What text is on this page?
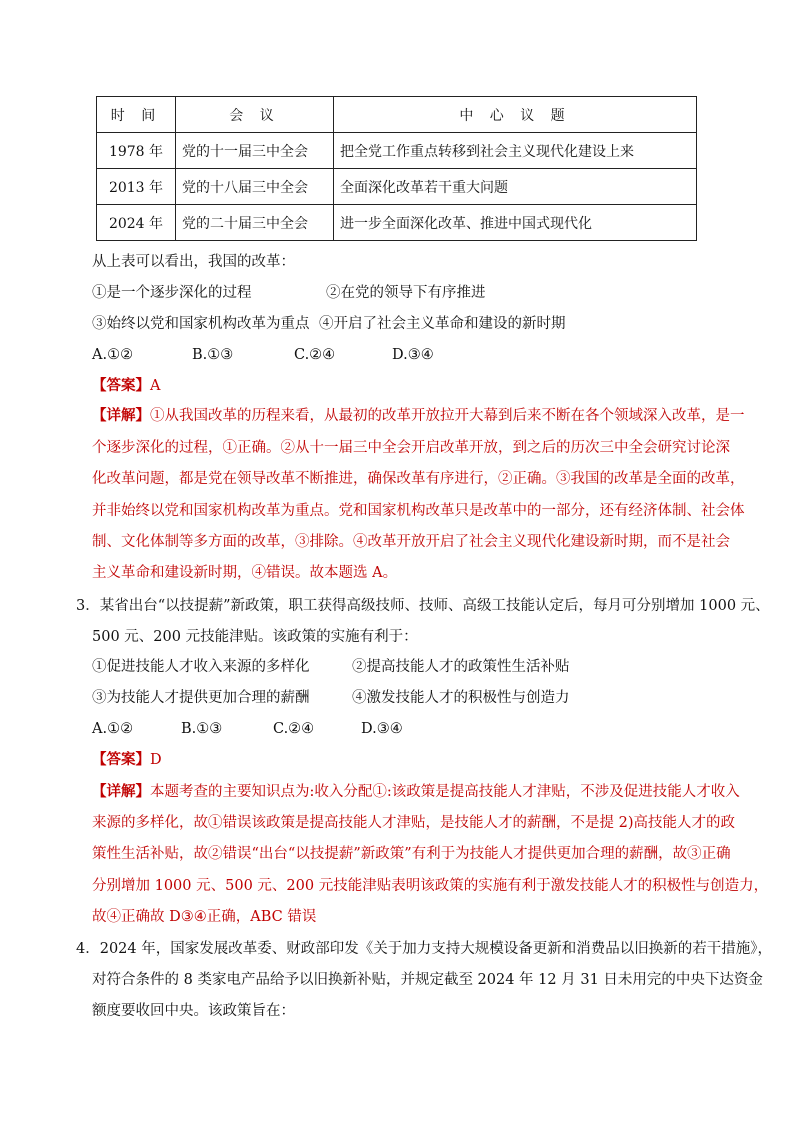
时 间	会 议	中 心 议 题
1978 年	党的十一届三中全会	把全党工作重点转移到社会主义现代化建设上来
2013 年	党的十八届三中全会	全面深化改革若干重大问题
2024 年	党的二十届三中全会	进一步全面深化改革、推进中国式现代化
从上表可以看出，我国的改革：
①是一个逐步深化的过程	②在党的领导下有序推进
③始终以党和国家机构改革为重点 ④开启了社会主义革命和建设的新时期
A.①②	B.①③	C.②④	D.③④
【答案】A
【详解】①从我国改革的历程来看，从最初的改革开放拉开大幕到后来不断在各个领域深入改革，是一
个逐步深化的过程，①正确。②从十一届三中全会开启改革开放，到之后的历次三中全会研究讨论深
化改革问题，都是党在领导改革不断推进，确保改革有序进行，②正确。③我国的改革是全面的改革，
并非始终以党和国家机构改革为重点。党和国家机构改革只是改革中的一部分，还有经济体制、社会体
制、文化体制等多方面的改革，③排除。④改革开放开启了社会主义现代化建设新时期，而不是社会
主义革命和建设新时期，④错误。故本题选 A。
3．某省出台“以技提薪”新政策，职工获得高级技师、技师、高级工技能认定后，每月可分别增加 1000 元、
500 元、200 元技能津贴。该政策的实施有利于：
①促进技能人才收入来源的多样化	②提高技能人才的政策性生活补贴
③为技能人才提供更加合理的薪酬	④激发技能人才的积极性与创造力
A.①②	B.①③	C.②④	D.③④
【答案】D
【详解】本题考查的主要知识点为:收入分配①:该政策是提高技能人才津贴，不涉及促进技能人才收入
来源的多样化，故①错误该政策是提高技能人才津贴，是技能人才的薪酬，不是提 2)高技能人才的政
策性生活补贴，故②错误“出台“以技提薪”新政策”有利于为技能人才提供更加合理的薪酬，故③正确
分别增加 1000 元、500 元、200 元技能津贴表明该政策的实施有利于激发技能人才的积极性与创造力，
故④正确故 D③④正确，ABC 错误
4．2024 年，国家发展改革委、财政部印发《关于加力支持大规模设备更新和消费品以旧换新的若干措施》，
对符合条件的 8 类家电产品给予以旧换新补贴，并规定截至 2024 年 12 月 31 日未用完的中央下达资金
额度要收回中央。该政策旨在：
